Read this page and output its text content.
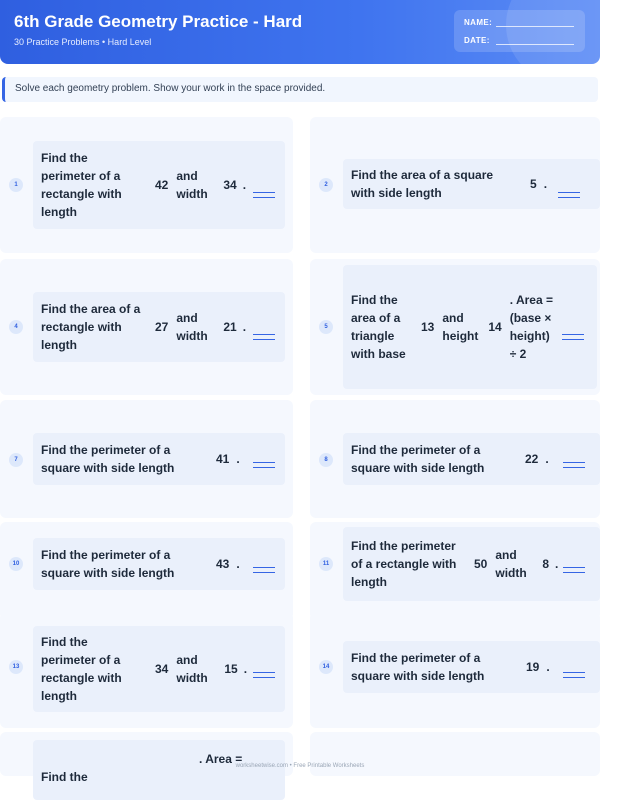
6th Grade Geometry Practice - Hard
30 Practice Problems • Hard Level
NAME:
DATE:
Solve each geometry problem. Show your work in the space provided.
1
Find the perimeter of a rectangle with length
42
and width
34 .	2
Find the area of a square with side length
5 .
4
Find the area of a rectangle with length
27
and width
21 .	5
Find the area of a triangle with base
13
and height
14
. Area = (base × height) ÷ 2
7
Find the perimeter of a square with side length
41 .	8
Find the perimeter of a square with side length
22 .
10
Find the perimeter of a square with side length
43 .	11
Find the perimeter of a rectangle with length
50
and width
8 .
13
Find the perimeter of a rectangle with length
34
and width
15 .	14
Find the perimeter of a square with side length
19 .
Find the
. Area =
worksheetwise.com • Free Printable Worksheets
